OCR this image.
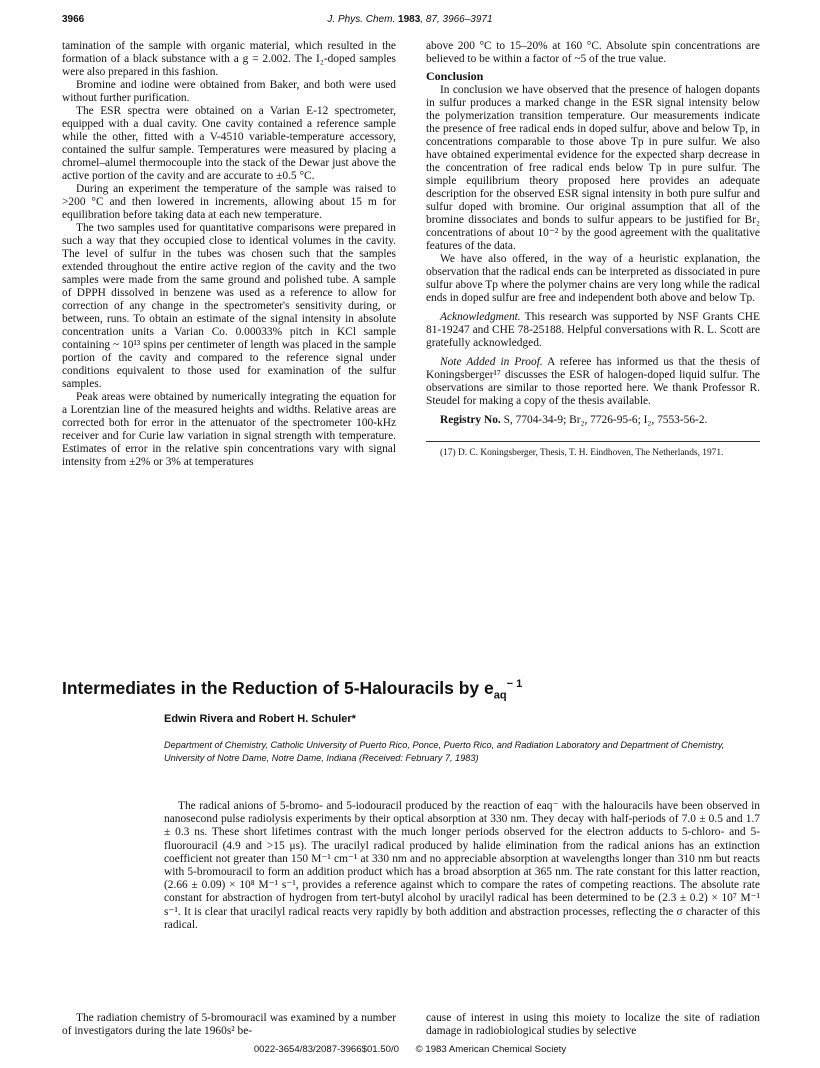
3966	J. Phys. Chem. 1983, 87, 3966–3971

tamination of the sample with organic material, which resulted in the formation of a black substance with a g = 2.002. The I₂-doped samples were also prepared in this fashion.

Bromine and iodine were obtained from Baker, and both were used without further purification.

The ESR spectra were obtained on a Varian E-12 spectrometer, equipped with a dual cavity. One cavity contained a reference sample while the other, fitted with a V-4510 variable-temperature accessory, contained the sulfur sample. Temperatures were measured by placing a chromel–alumel thermocouple into the stack of the Dewar just above the active portion of the cavity and are accurate to ±0.5 °C.

During an experiment the temperature of the sample was raised to >200 °C and then lowered in increments, allowing about 15 m for equilibration before taking data at each new temperature.

The two samples used for quantitative comparisons were prepared in such a way that they occupied close to identical volumes in the cavity. The level of sulfur in the tubes was chosen such that the samples extended throughout the entire active region of the cavity and the two samples were made from the same ground and polished tube. A sample of DPPH dissolved in benzene was used as a reference to allow for correction of any change in the spectrometer's sensitivity during, or between, runs. To obtain an estimate of the signal intensity in absolute concentration units a Varian Co. 0.00033% pitch in KCl sample containing ~ 10¹³ spins per centimeter of length was placed in the sample portion of the cavity and compared to the reference signal under conditions equivalent to those used for examination of the sulfur samples.

Peak areas were obtained by numerically integrating the equation for a Lorentzian line of the measured heights and widths. Relative areas are corrected both for error in the attenuator of the spectrometer 100-kHz receiver and for Curie law variation in signal strength with temperature. Estimates of error in the relative spin concentrations vary with signal intensity from ±2% or 3% at temperatures

above 200 °C to 15–20% at 160 °C. Absolute spin concentrations are believed to be within a factor of ~5 of the true value.

Conclusion

In conclusion we have observed that the presence of halogen dopants in sulfur produces a marked change in the ESR signal intensity below the polymerization transition temperature. Our measurements indicate the presence of free radical ends in doped sulfur, above and below Tp, in concentrations comparable to those above Tp in pure sulfur. We also have obtained experimental evidence for the expected sharp decrease in the concentration of free radical ends below Tp in pure sulfur. The simple equilibrium theory proposed here provides an adequate description for the observed ESR signal intensity in both pure sulfur and sulfur doped with bromine. Our original assumption that all of the bromine dissociates and bonds to sulfur appears to be justified for Br₂ concentrations of about 10⁻² by the good agreement with the qualitative features of the data.

We have also offered, in the way of a heuristic explanation, the observation that the radical ends can be interpreted as dissociated in pure sulfur above Tp where the polymer chains are very long while the radical ends in doped sulfur are free and independent both above and below Tp.

Acknowledgment. This research was supported by NSF Grants CHE 81-19247 and CHE 78-25188. Helpful conversations with R. L. Scott are gratefully acknowledged.

Note Added in Proof. A referee has informed us that the thesis of Koningsberger¹⁷ discusses the ESR of halogen-doped liquid sulfur. The observations are similar to those reported here. We thank Professor R. Steudel for making a copy of the thesis available.

Registry No. S, 7704-34-9; Br₂, 7726-95-6; I₂, 7553-56-2.

(17) D. C. Koningsberger, Thesis, T. H. Eindhoven, The Netherlands, 1971.

Intermediates in the Reduction of 5-Halouracils by $e_{aq}^{- 1}$
Edwin Rivera and Robert H. Schuler*
Department of Chemistry, Catholic University of Puerto Rico, Ponce, Puerto Rico, and Radiation Laboratory and Department of Chemistry, University of Notre Dame, Notre Dame, Indiana (Received: February 7, 1983)
The radical anions of 5-bromo- and 5-iodouracil produced by the reaction of eaq⁻ with the halouracils have been observed in nanosecond pulse radiolysis experiments by their optical absorption at 330 nm. They decay with half-periods of 7.0 ± 0.5 and 1.7 ± 0.3 ns. These short lifetimes contrast with the much longer periods observed for the electron adducts to 5-chloro- and 5-fluorouracil (4.9 and >15 μs). The uracilyl radical produced by halide elimination from the radical anions has an extinction coefficient not greater than 150 M⁻¹ cm⁻¹ at 330 nm and no appreciable absorption at wavelengths longer than 310 nm but reacts with 5-bromouracil to form an addition product which has a broad absorption at 365 nm. The rate constant for this latter reaction, (2.66 ± 0.09) × 10⁸ M⁻¹ s⁻¹, provides a reference against which to compare the rates of competing reactions. The absolute rate constant for abstraction of hydrogen from tert-butyl alcohol by uracilyl radical has been determined to be (2.3 ± 0.2) × 10⁷ M⁻¹ s⁻¹. It is clear that uracilyl radical reacts very rapidly by both addition and abstraction processes, reflecting the σ character of this radical.
The radiation chemistry of 5-bromouracil was examined by a number of investigators during the late 1960s² be-
cause of interest in using this moiety to localize the site of radiation damage in radiobiological studies by selective
0022-3654/83/2087-3966$01.50/0 © 1983 American Chemical Society
